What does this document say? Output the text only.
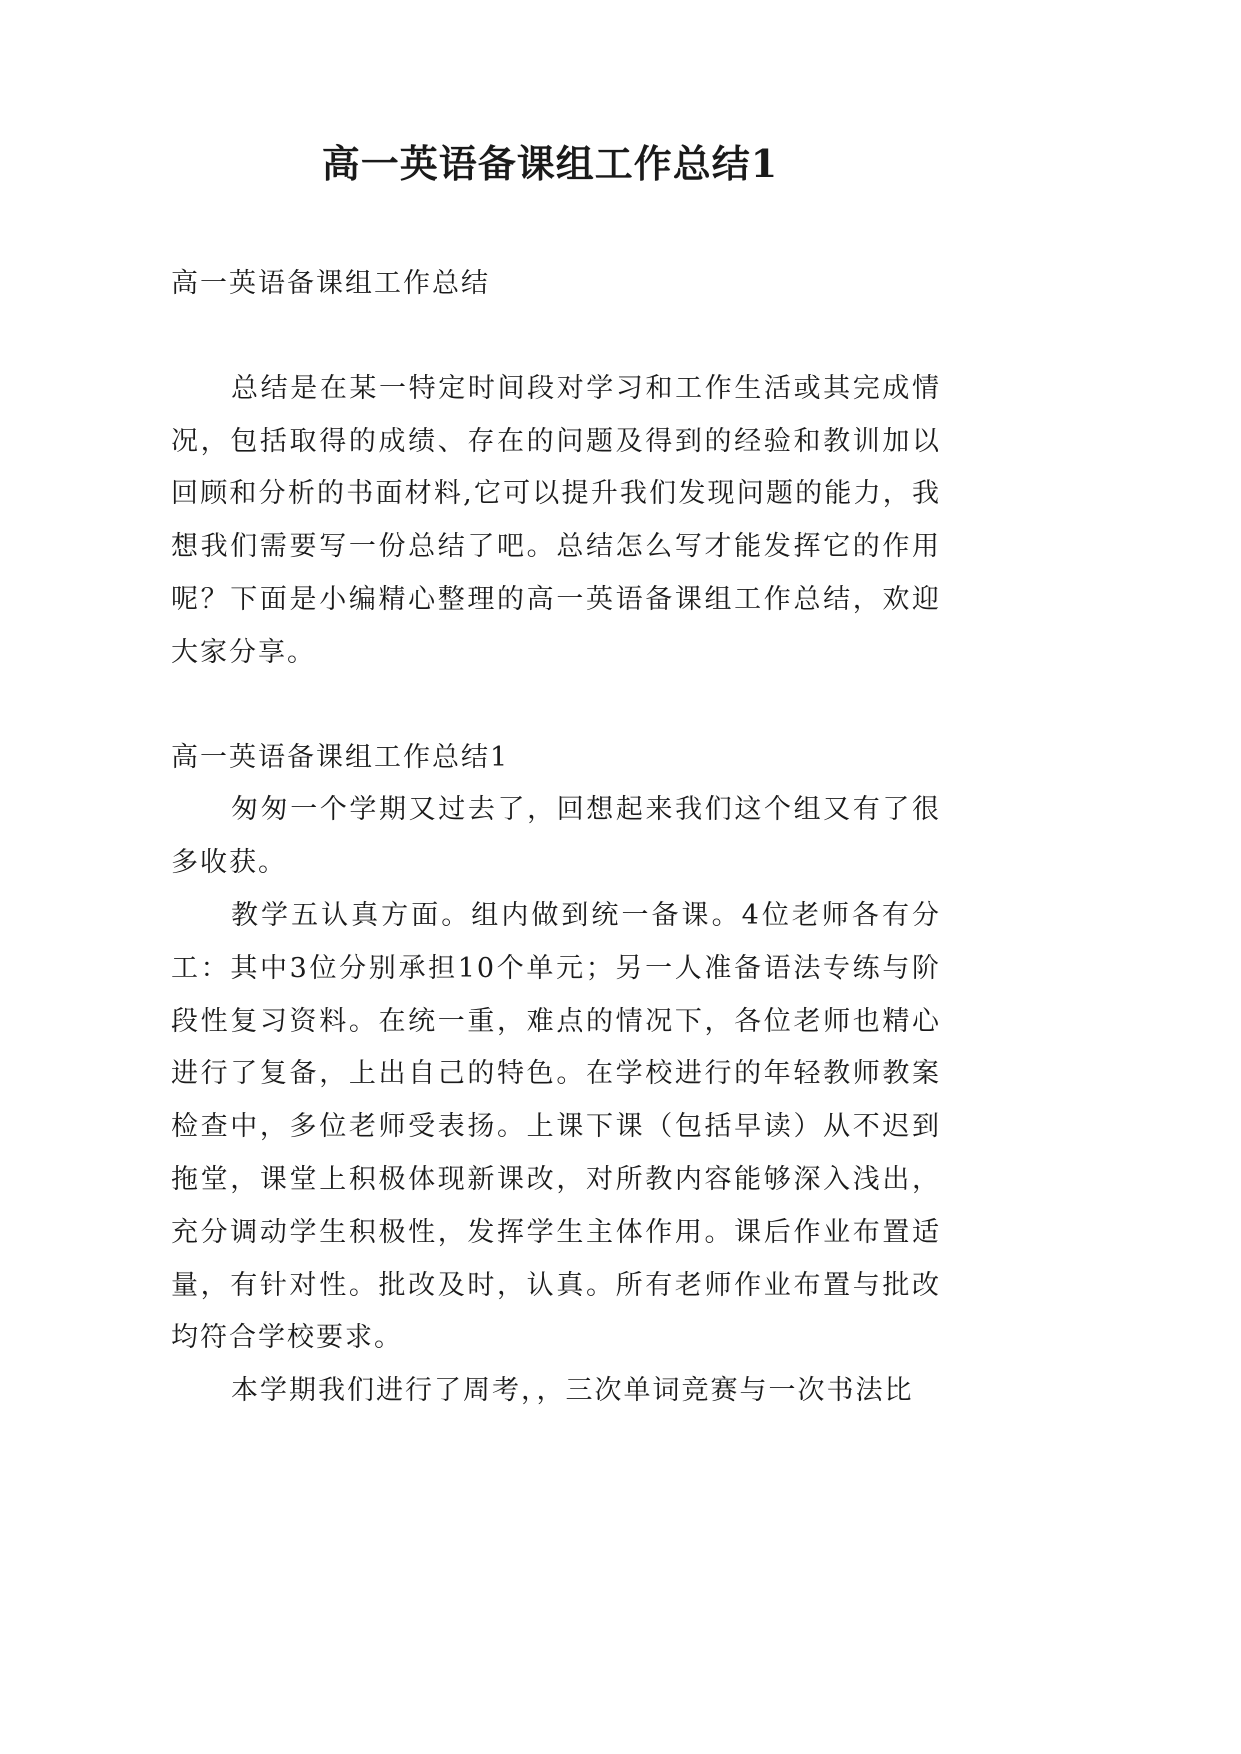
高一英语备课组工作总结1

高一英语备课组工作总结

总结是在某一特定时间段对学习和工作生活或其完成情况，包括取得的成绩、存在的问题及得到的经验和教训加以回顾和分析的书面材料,它可以提升我们发现问题的能力，我想我们需要写一份总结了吧。总结怎么写才能发挥它的作用呢？下面是小编精心整理的高一英语备课组工作总结，欢迎大家分享。

高一英语备课组工作总结1

匆匆一个学期又过去了，回想起来我们这个组又有了很多收获。

教学五认真方面。组内做到统一备课。4位老师各有分工：其中3位分别承担10个单元；另一人准备语法专练与阶段性复习资料。在统一重，难点的情况下，各位老师也精心进行了复备，上出自己的特色。在学校进行的年轻教师教案检查中，多位老师受表扬。上课下课（包括早读）从不迟到拖堂，课堂上积极体现新课改，对所教内容能够深入浅出，充分调动学生积极性，发挥学生主体作用。课后作业布置适量，有针对性。批改及时，认真。所有老师作业布置与批改均符合学校要求。

本学期我们进行了周考，，三次单词竞赛与一次书法比
